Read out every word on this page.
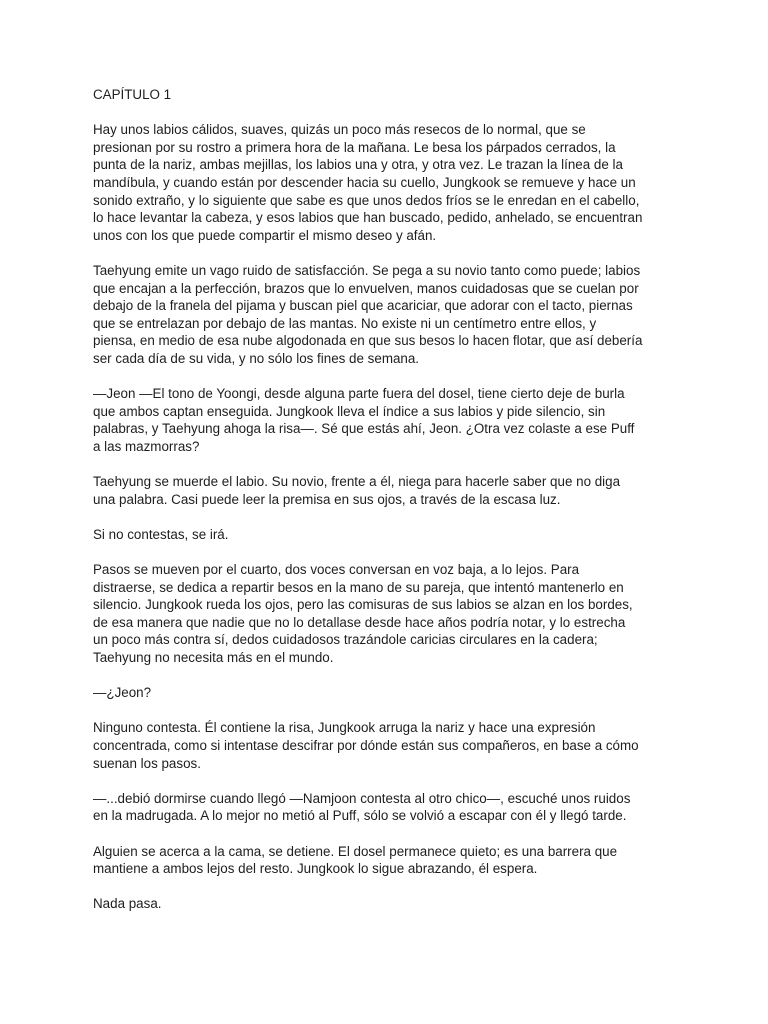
CAPÍTULO 1
Hay unos labios cálidos, suaves, quizás un poco más resecos de lo normal, que se
presionan por su rostro a primera hora de la mañana. Le besa los párpados cerrados, la
punta de la nariz, ambas mejillas, los labios una y otra, y otra vez. Le trazan la línea de la
mandíbula, y cuando están por descender hacia su cuello, Jungkook se remueve y hace un
sonido extraño, y lo siguiente que sabe es que unos dedos fríos se le enredan en el cabello,
lo hace levantar la cabeza, y esos labios que han buscado, pedido, anhelado, se encuentran
unos con los que puede compartir el mismo deseo y afán.
Taehyung emite un vago ruido de satisfacción. Se pega a su novio tanto como puede; labios
que encajan a la perfección, brazos que lo envuelven, manos cuidadosas que se cuelan por
debajo de la franela del pijama y buscan piel que acariciar, que adorar con el tacto, piernas
que se entrelazan por debajo de las mantas. No existe ni un centímetro entre ellos, y
piensa, en medio de esa nube algodonada en que sus besos lo hacen flotar, que así debería
ser cada día de su vida, y no sólo los fines de semana.
—Jeon —El tono de Yoongi, desde alguna parte fuera del dosel, tiene cierto deje de burla
que ambos captan enseguida. Jungkook lleva el índice a sus labios y pide silencio, sin
palabras, y Taehyung ahoga la risa—. Sé que estás ahí, Jeon. ¿Otra vez colaste a ese Puff
a las mazmorras?
Taehyung se muerde el labio. Su novio, frente a él, niega para hacerle saber que no diga
una palabra. Casi puede leer la premisa en sus ojos, a través de la escasa luz.
Si no contestas, se irá.
Pasos se mueven por el cuarto, dos voces conversan en voz baja, a lo lejos. Para
distraerse, se dedica a repartir besos en la mano de su pareja, que intentó mantenerlo en
silencio. Jungkook rueda los ojos, pero las comisuras de sus labios se alzan en los bordes,
de esa manera que nadie que no lo detallase desde hace años podría notar, y lo estrecha
un poco más contra sí, dedos cuidadosos trazándole caricias circulares en la cadera;
Taehyung no necesita más en el mundo.
—¿Jeon?
Ninguno contesta. Él contiene la risa, Jungkook arruga la nariz y hace una expresión
concentrada, como si intentase descifrar por dónde están sus compañeros, en base a cómo
suenan los pasos.
—...debió dormirse cuando llegó —Namjoon contesta al otro chico—, escuché unos ruidos
en la madrugada. A lo mejor no metió al Puff, sólo se volvió a escapar con él y llegó tarde.
Alguien se acerca a la cama, se detiene. El dosel permanece quieto; es una barrera que
mantiene a ambos lejos del resto. Jungkook lo sigue abrazando, él espera.
Nada pasa.
